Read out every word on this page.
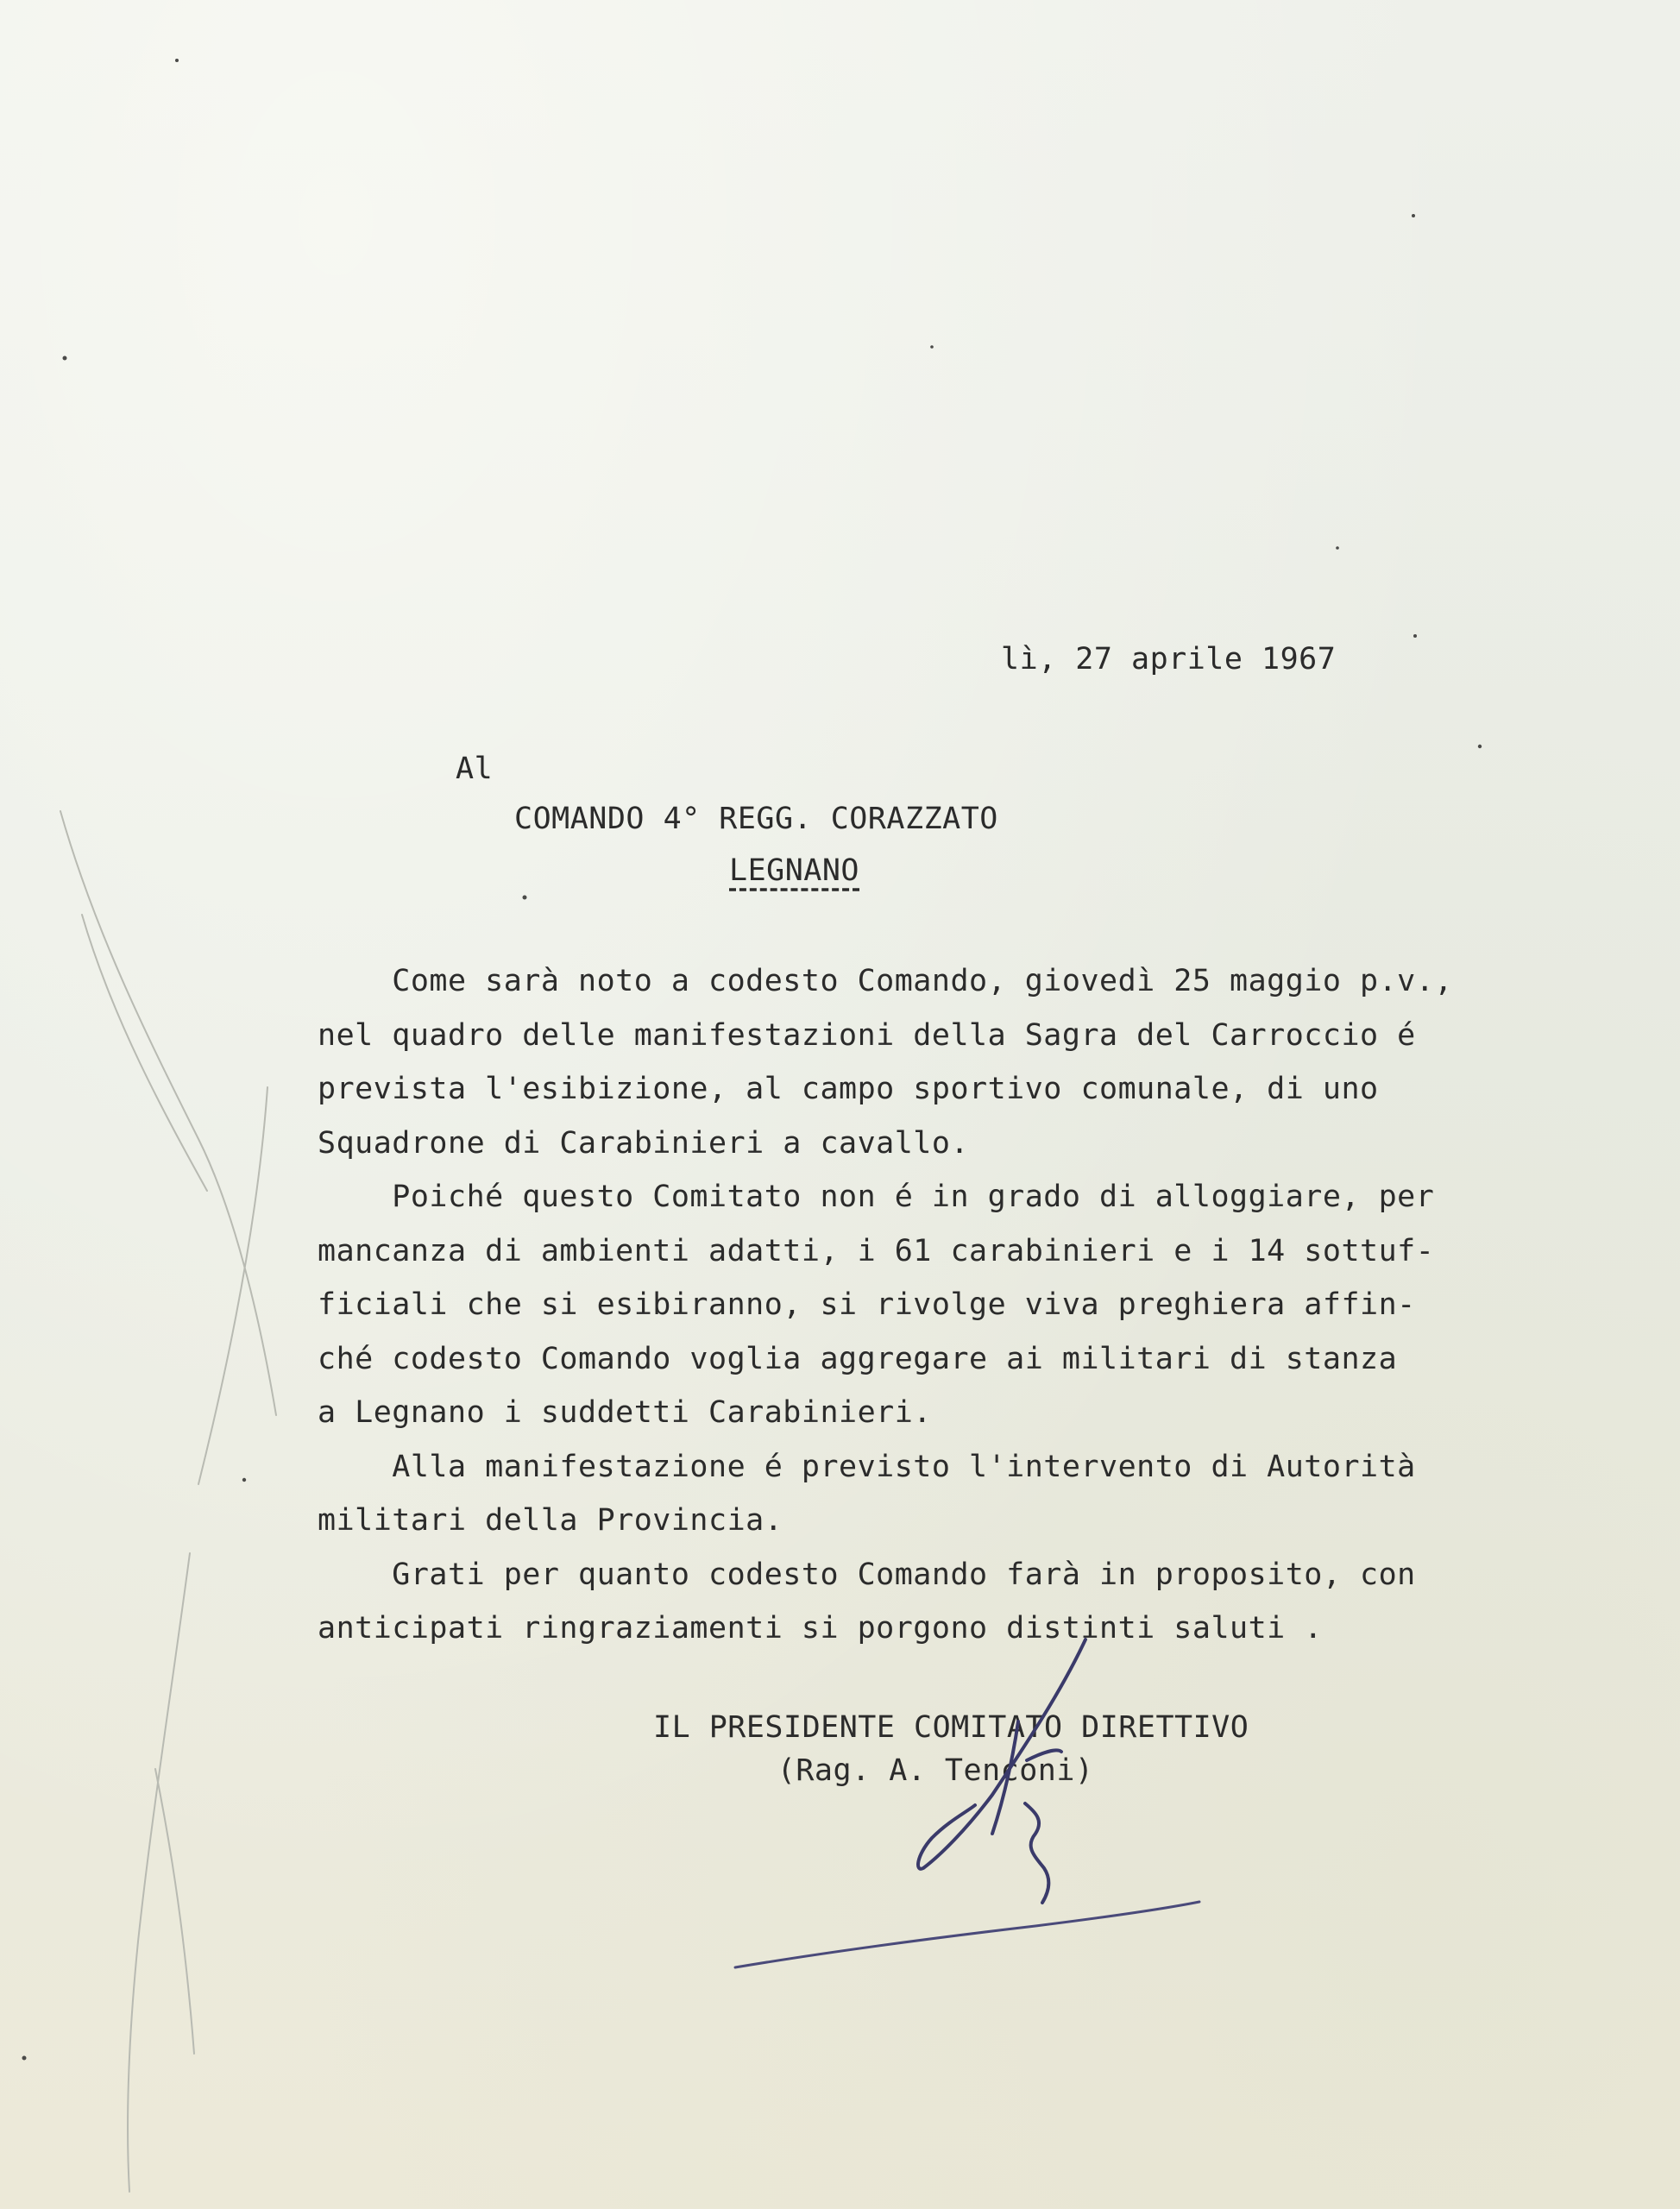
lì, 27 aprile 1967
Al
COMANDO 4° REGG. CORAZZATO
LEGNANO

Come sarà noto a codesto Comando, giovedì 25 maggio p.v.,

nel quadro delle manifestazioni della Sagra del Carroccio é

prevista l'esibizione, al campo sportivo comunale, di uno

Squadrone di Carabinieri a cavallo.

Poiché questo Comitato non é in grado di alloggiare, per

mancanza di ambienti adatti, i 61 carabinieri e i 14 sottuf-

ficiali che si esibiranno, si rivolge viva preghiera affin-

ché codesto Comando voglia aggregare ai militari di stanza

a Legnano i suddetti Carabinieri.

Alla manifestazione é previsto l'intervento di Autorità

militari della Provincia.

Grati per quanto codesto Comando farà in proposito, con

anticipati ringraziamenti si porgono distinti saluti .

IL PRESIDENTE COMITATO DIRETTIVO
(Rag. A. Tenconi)
